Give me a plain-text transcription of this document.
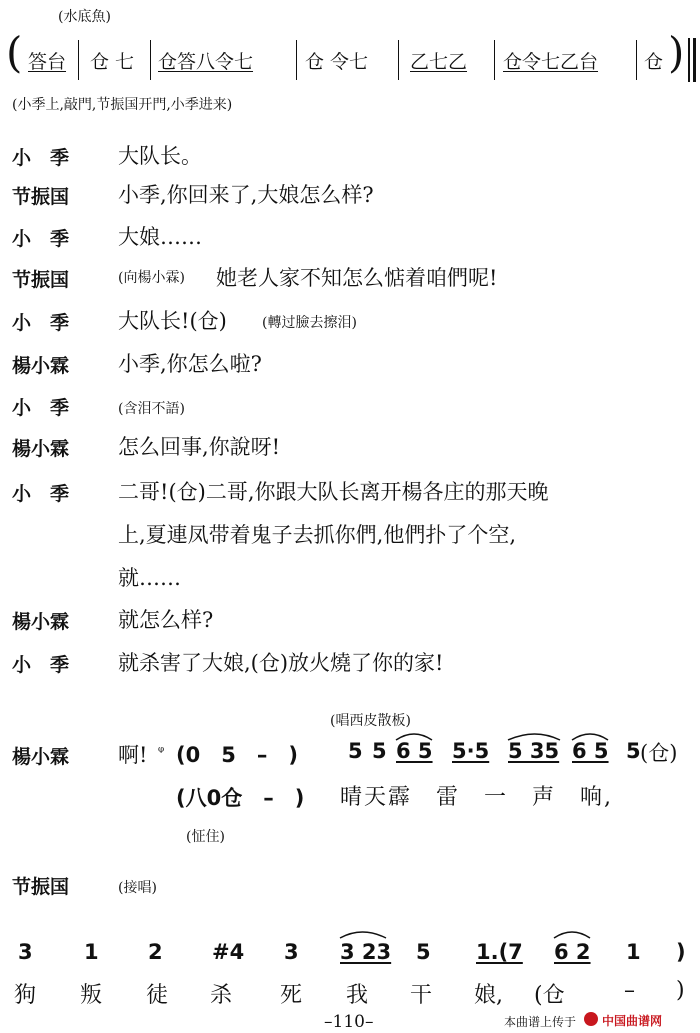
(水底魚)
( 答台 仓 七 仓答八令七	仓 令七 乙七乙 仓令七乙台 仓 )
(小季上,敲門,节振国开門,小季进来)
小　季 大队长。
节振国 小季,你回来了,大娘怎么样?
小　季 大娘……
节振国	(向楊小霖) 她老人家不知怎么惦着咱們呢!
小　季 大队长!(仓)	(轉过臉去擦泪)
楊小霖 小季,你怎么啦?
小　季	(含泪不語)
楊小霖 怎么回事,你說呀!
小　季 二哥!(仓)二哥,你跟大队长离开楊各庄的那天晚
上,夏連凤带着鬼子去抓你們,他們扑了个空,
就……
楊小霖 就怎么样?
小　季 就杀害了大娘,(仓)放火燒了你的家!
(唱西皮散板)
楊小霖 啊! ᵠ (0　5　–　) 5 5 6 5 5·5 5 35 6 5 5 (仓)
(八0仓　–　) 晴天霹　雷　一　声　响,
(怔住)
节振国	(接唱)
3 1 2 #4 3 3 23 5 1.(7 6 2 1 )
狗 叛 徒 杀 死 我 干 娘, (仓	– )
–110–	本曲谱上传于 中国曲谱网
